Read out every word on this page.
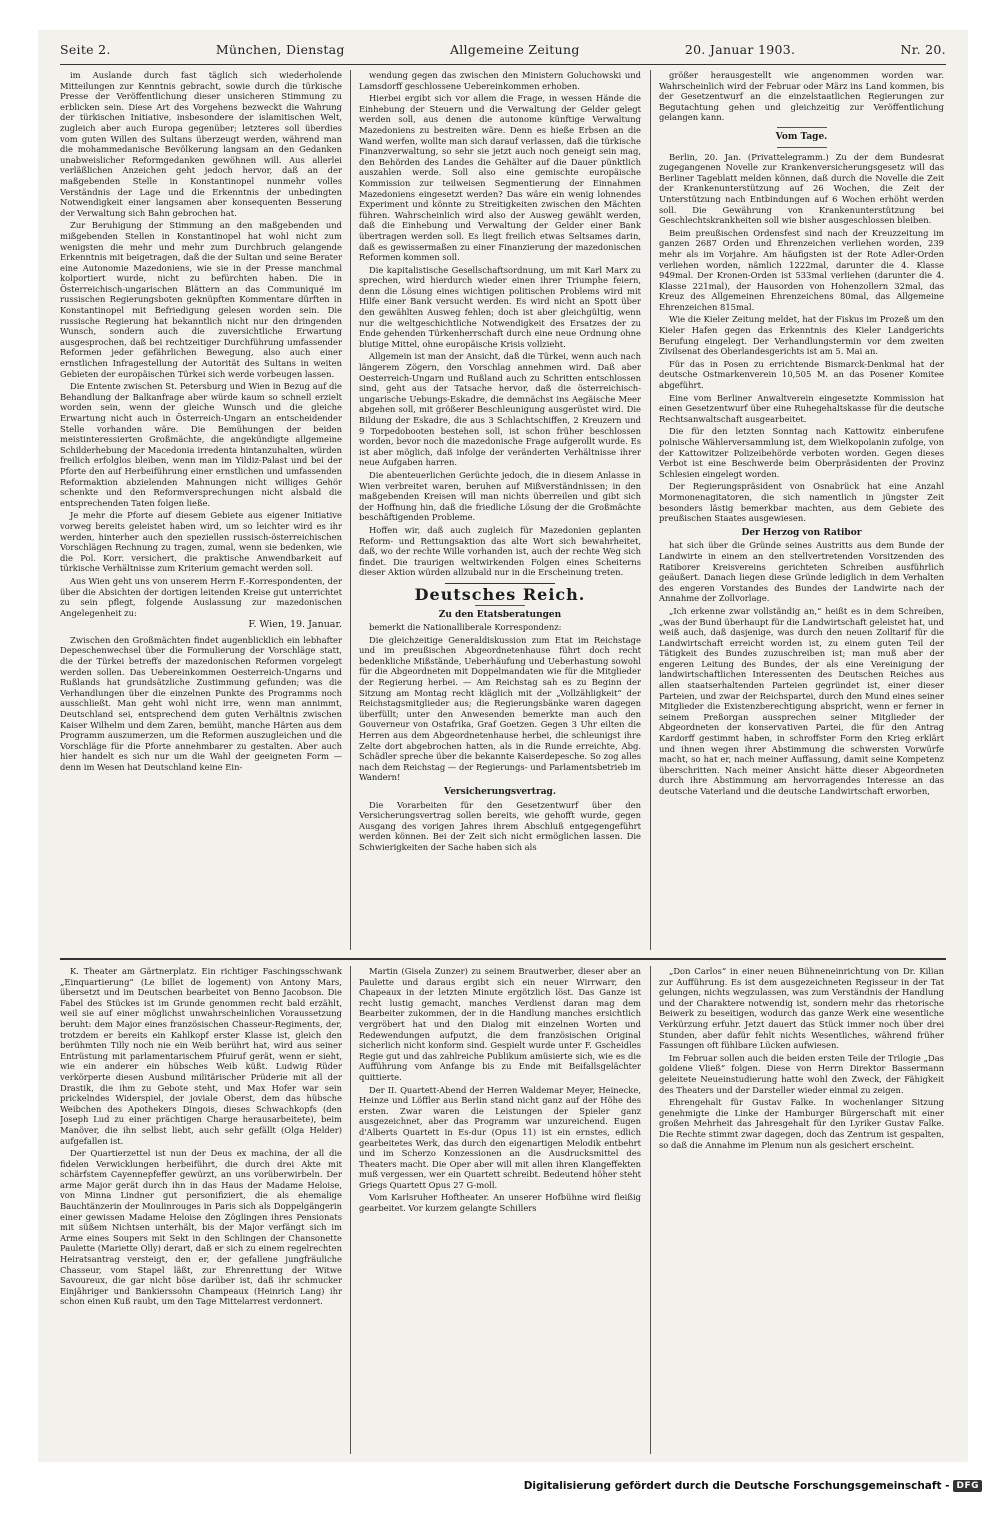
Seite 2.	München, Dienstag	Allgemeine Zeitung	20. Januar 1903.	Nr. 20.

im Auslande durch fast täglich sich wiederholende Mitteilungen zur Kenntnis gebracht, sowie durch die türkische Presse der Veröffentlichung dieser unsicheren Stimmung zu erblicken sein. Diese Art des Vorgehens bezweckt die Wahrung der türkischen Initiative, insbesondere der islamitischen Welt, zugleich aber auch Europa gegenüber; letzteres soll überdies vom guten Willen des Sultans überzeugt werden, während man die mohammedanische Bevölkerung langsam an den Gedanken unabweislicher Reformgedanken gewöhnen will. Aus allerlei verläßlichen Anzeichen geht jedoch hervor, daß an der maßgebenden Stelle in Konstantinopel nunmehr volles Verständnis der Lage und die Erkenntnis der unbedingten Notwendigkeit einer langsamen aber konsequenten Besserung der Verwaltung sich Bahn gebrochen hat.

Zur Beruhigung der Stimmung an den maßgebenden und mißgebenden Stellen in Konstantinopel hat wohl nicht zum wenigsten die mehr und mehr zum Durchbruch gelangende Erkenntnis mit beigetragen, daß die der Sultan und seine Berater eine Autonomie Mazedoniens, wie sie in der Presse manchmal kolportiert wurde, nicht zu befürchten haben. Die in Österreichisch-ungarischen Blättern an das Communiqué im russischen Regierungsboten geknüpften Kommentare dürften in Konstantinopel mit Befriedigung gelesen worden sein. Die russische Regierung hat bekanntlich nicht nur den dringenden Wunsch, sondern auch die zuversichtliche Erwartung ausgesprochen, daß bei rechtzeitiger Durchführung umfassender Reformen jeder gefährlichen Bewegung, also auch einer ernstlichen Infragestellung der Autorität des Sultans in weiten Gebieten der europäischen Türkei sich werde vorbeugen lassen.

Die Entente zwischen St. Petersburg und Wien in Bezug auf die Behandlung der Balkanfrage aber würde kaum so schnell erzielt worden sein, wenn der gleiche Wunsch und die gleiche Erwartung nicht auch in Österreich-Ungarn an entscheidender Stelle vorhanden wäre. Die Bemühungen der beiden meistinteressierten Großmächte, die angekündigte allgemeine Schilderhebung der Macedonia irredenta hintanzuhalten, würden freilich erfolglos bleiben, wenn man im Yildiz-Palast und bei der Pforte den auf Herbeiführung einer ernstlichen und umfassenden Reformaktion abzielenden Mahnungen nicht williges Gehör schenkte und den Reformversprechungen nicht alsbald die entsprechenden Taten folgen ließe.

Je mehr die Pforte auf diesem Gebiete aus eigener Initiative vorweg bereits geleistet haben wird, um so leichter wird es ihr werden, hinterher auch den speziellen russisch-österreichischen Vorschlägen Rechnung zu tragen, zumal, wenn sie bedenken, wie die Pol. Korr. versichert, die praktische Anwendbarkeit auf türkische Verhältnisse zum Kriterium gemacht werden soll.

Aus Wien geht uns von unserem Herrn F.-Korrespondenten, der über die Absichten der dortigen leitenden Kreise gut unterrichtet zu sein pflegt, folgende Auslassung zur mazedonischen Angelegenheit zu:

F. Wien, 19. Januar.

Zwischen den Großmächten findet augenblicklich ein lebhafter Depeschenwechsel über die Formulierung der Vorschläge statt, die der Türkei betreffs der mazedonischen Reformen vorgelegt werden sollen. Das Uebereinkommen Oesterreich-Ungarns und Rußlands hat grundsätzliche Zustimmung gefunden; was die Verhandlungen über die einzelnen Punkte des Programms noch ausschließt. Man geht wohl nicht irre, wenn man annimmt, Deutschland sei, entsprechend dem guten Verhältnis zwischen Kaiser Wilhelm und dem Zaren, bemüht, manche Härten aus dem Programm auszumerzen, um die Reformen auszugleichen und die Vorschläge für die Pforte annehmbarer zu gestalten. Aber auch hier handelt es sich nur um die Wahl der geeigneten Form — denn im Wesen hat Deutschland keine Ein-

wendung gegen das zwischen den Ministern Goluchowski und Lamsdorff geschlossene Uebereinkommen erhoben.

Hierbei ergibt sich vor allem die Frage, in wessen Hände die Einhebung der Steuern und die Verwaltung der Gelder gelegt werden soll, aus denen die autonome künftige Verwaltung Mazedoniens zu bestreiten wäre. Denn es hieße Erbsen an die Wand werfen, wollte man sich darauf verlassen, daß die türkische Finanzverwaltung, so sehr sie jetzt auch noch geneigt sein mag, den Behörden des Landes die Gehälter auf die Dauer pünktlich auszahlen werde. Soll also eine gemischte europäische Kommission zur teilweisen Segmentierung der Einnahmen Mazedoniens eingesetzt werden? Das wäre ein wenig lohnendes Experiment und könnte zu Streitigkeiten zwischen den Mächten führen. Wahrscheinlich wird also der Ausweg gewählt werden, daß die Einhebung und Verwaltung der Gelder einer Bank übertragen werden soll. Es liegt freilich etwas Seltsames darin, daß es gewissermaßen zu einer Finanzierung der mazedonischen Reformen kommen soll.

Die kapitalistische Gesellschaftsordnung, um mit Karl Marx zu sprechen, wird hierdurch wieder einen ihrer Triumphe feiern, denn die Lösung eines wichtigen politischen Problems wird mit Hilfe einer Bank versucht werden. Es wird nicht an Spott über den gewählten Ausweg fehlen; doch ist aber gleichgültig, wenn nur die weltgeschichtliche Notwendigkeit des Ersatzes der zu Ende gehenden Türkenherrschaft durch eine neue Ordnung ohne blutige Mittel, ohne europäische Krisis vollzieht.

Allgemein ist man der Ansicht, daß die Türkei, wenn auch nach längerem Zögern, den Vorschlag annehmen wird. Daß aber Oesterreich-Ungarn und Rußland auch zu Schritten entschlossen sind, geht aus der Tatsache hervor, daß die österreichisch-ungarische Uebungs-Eskadre, die demnächst ins Aegäische Meer abgehen soll, mit größerer Beschleunigung ausgerüstet wird. Die Bildung der Eskadre, die aus 3 Schlachtschiffen, 2 Kreuzern und 9 Torpedobooten bestehen soll, ist schon früher beschlossen worden, bevor noch die mazedonische Frage aufgerollt wurde. Es ist aber möglich, daß infolge der veränderten Verhältnisse ihrer neue Aufgaben harren.

Die abenteuerlichen Gerüchte jedoch, die in diesem Anlasse in Wien verbreitet waren, beruhen auf Mißverständnissen; in den maßgebenden Kreisen will man nichts überreilen und gibt sich der Hoffnung hin, daß die friedliche Lösung der die Großmächte beschäftigenden Probleme.

Hoffen wir, daß auch zugleich für Mazedonien geplanten Reform- und Rettungsaktion das alte Wort sich bewahrheitet, daß, wo der rechte Wille vorhanden ist, auch der rechte Weg sich findet. Die traurigen weltwirkenden Folgen eines Scheiterns dieser Aktion würden allzubald nur in die Erscheinung treten.

Deutsches Reich.
Zu den Etatsberatungen

bemerkt die Nationalliberale Korrespondenz:

Die gleichzeitige Generaldiskussion zum Etat im Reichstage und im preußischen Abgeordnetenhause führt doch recht bedenkliche Mißstände, Ueberhäufung und Ueberhastung sowohl für die Abgeordneten mit Doppelmandaten wie für die Mitglieder der Regierung herbei. — Am Reichstag sah es zu Beginn der Sitzung am Montag recht kläglich mit der „Vollzähligkeit“ der Reichstagsmitglieder aus; die Regierungsbänke waren dagegen überfüllt; unter den Anwesenden bemerkte man auch den Gouverneur von Ostafrika, Graf Goetzen. Gegen 3 Uhr eilten die Herren aus dem Abgeordnetenhause herbei, die schleunigst ihre Zelte dort abgebrochen hatten, als in die Runde erreichte, Abg. Schädler spreche über die bekannte Kaiserdepesche. So zog alles nach dem Reichstag — der Regierungs- und Parlamentsbetrieb im Wandern!

Versicherungsvertrag.

Die Vorarbeiten für den Gesetzentwurf über den Versicherungsvertrag sollen bereits, wie gehofft wurde, gegen Ausgang des vorigen Jahres ihrem Abschluß entgegengeführt werden können. Bei der Zeit sich nicht ermöglichen lassen. Die Schwierigkeiten der Sache haben sich als

größer herausgestellt wie angenommen worden war. Wahrscheinlich wird der Februar oder März ins Land kommen, bis der Gesetzentwurf an die einzelstaatlichen Regierungen zur Begutachtung gehen und gleichzeitig zur Veröffentlichung gelangen kann.

Vom Tage.

Berlin, 20. Jan. (Privattelegramm.) Zu der dem Bundesrat zugegangenen Novelle zur Krankenversicherungsgesetz will das Berliner Tageblatt melden können, daß durch die Novelle die Zeit der Krankenunterstützung auf 26 Wochen, die Zeit der Unterstützung nach Entbindungen auf 6 Wochen erhöht werden soll. Die Gewährung von Krankenunterstützung bei Geschlechtskrankheiten soll wie bisher ausgeschlossen bleiben.

Beim preußischen Ordensfest sind nach der Kreuzzeitung im ganzen 2687 Orden und Ehrenzeichen verliehen worden, 239 mehr als im Vorjahre. Am häufigsten ist der Rote Adler-Orden verliehen worden, nämlich 1222mal, darunter die 4. Klasse 949mal. Der Kronen-Orden ist 533mal verliehen (darunter die 4. Klasse 221mal), der Hausorden von Hohenzollern 32mal, das Kreuz des Allgemeinen Ehrenzeichens 80mal, das Allgemeine Ehrenzeichen 815mal.

Wie die Kieler Zeitung meldet, hat der Fiskus im Prozeß um den Kieler Hafen gegen das Erkenntnis des Kieler Landgerichts Berufung eingelegt. Der Verhandlungstermin vor dem zweiten Zivilsenat des Oberlandesgerichts ist am 5. Mai an.

Für das in Posen zu errichtende Bismarck-Denkmal hat der deutsche Ostmarkenverein 10,505 M. an das Posener Komitee abgeführt.

Eine vom Berliner Anwaltverein eingesetzte Kommission hat einen Gesetzentwurf über eine Ruhegehaltskasse für die deutsche Rechtsanwaltschaft ausgearbeitet.

Die für den letzten Sonntag nach Kattowitz einberufene polnische Wählerversammlung ist, dem Wielkopolanin zufolge, von der Kattowitzer Polizeibehörde verboten worden. Gegen dieses Verbot ist eine Beschwerde beim Oberpräsidenten der Provinz Schlesien eingelegt worden.

Der Regierungspräsident von Osnabrück hat eine Anzahl Mormonenagitatoren, die sich namentlich in jüngster Zeit besonders lästig bemerkbar machten, aus dem Gebiete des preußischen Staates ausgewiesen.

Der Herzog von Ratibor

hat sich über die Gründe seines Austritts aus dem Bunde der Landwirte in einem an den stellvertretenden Vorsitzenden des Ratiborer Kreisvereins gerichteten Schreiben ausführlich geäußert. Danach liegen diese Gründe lediglich in dem Verhalten des engeren Vorstandes des Bundes der Landwirte nach der Annahme der Zollvorlage.

„Ich erkenne zwar vollständig an,“ heißt es in dem Schreiben, „was der Bund überhaupt für die Landwirtschaft geleistet hat, und weiß auch, daß dasjenige, was durch den neuen Zolltarif für die Landwirtschaft erreicht worden ist, zu einem guten Teil der Tätigkeit des Bundes zuzuschreiben ist; man muß aber der engeren Leitung des Bundes, der als eine Vereinigung der landwirtschaftlichen Interessenten des Deutschen Reiches aus allen staatserhaltenden Parteien gegründet ist, einer dieser Parteien, und zwar der Reichspartei, durch den Mund eines seiner Mitglieder die Existenzberechtigung abspricht, wenn er ferner in seinem Preßorgan aussprechen seiner Mitglieder der Abgeordneten der konservativen Partei, die für den Antrag Kardorff gestimmt haben, in schroffster Form den Krieg erklärt und ihnen wegen ihrer Abstimmung die schwersten Vorwürfe macht, so hat er, nach meiner Auffassung, damit seine Kompetenz überschritten. Nach meiner Ansicht hätte dieser Abgeordneten durch ihre Abstimmung am hervorragendes Interesse an das deutsche Vaterland und die deutsche Landwirtschaft erworben,

K. Theater am Gärtnerplatz. Ein richtiger Faschingsschwank „Einquartierung“ (Le billet de logement) von Antony Mars, übersetzt und im Deutschen bearbeitet von Benno Jacobson. Die Fabel des Stückes ist im Grunde genommen recht bald erzählt, weil sie auf einer möglichst unwahrscheinlichen Voraussetzung beruht: dem Major eines französischen Chasseur-Regiments, der, trotzdem er bereits ein Kahlkopf erster Klasse ist, gleich den berühmten Tilly noch nie ein Weib berührt hat, wird aus seiner Entrüstung mit parlamentarischem Pfuiruf gerät, wenn er sieht, wie ein anderer ein hübsches Weib küßt. Ludwig Rüder verkörperte diesen Ausbund militärischer Prüderie mit all der Drastik, die ihm zu Gebote steht, und Max Hofer war sein prickelndes Widerspiel, der joviale Oberst, dem das hübsche Weibchen des Apothekers Dingois, dieses Schwachkopfs (den Joseph Lud zu einer prächtigen Charge herausarbeitete), beim Manöver, die ihn selbst liebt, auch sehr gefällt (Olga Helder) aufgefallen ist.

Der Quartierzettel ist nun der Deus ex machina, der all die fidelen Verwicklungen herbeiführt, die durch drei Akte mit schärfstem Cayennepfeffer gewürzt, an uns vorüberwirbeln. Der arme Major gerät durch ihn in das Haus der Madame Heloise, von Minna Lindner gut personifiziert, die als ehemalige Bauchtänzerin der Moulinrouges in Paris sich als Doppelgängerin einer gewissen Madame Heloise den Zöglingen ihres Pensionats mit süßem Nichtsen unterhält, bis der Major verfängt sich im Arme eines Soupers mit Sekt in den Schlingen der Chansonette Paulette (Mariette Olly) derart, daß er sich zu einem regelrechten Heiratsantrag versteigt, den er, der gefallene jungfräuliche Chasseur, vom Stapel läßt, zur Ehrenrettung der Witwe Savoureux, die gar nicht böse darüber ist, daß ihr schmucker Einjähriger und Bankierssohn Champeaux (Heinrich Lang) ihr schon einen Kuß raubt, um den Tage Mittelarrest verdonnert.

Martin (Gisela Zunzer) zu seinem Brautwerber, dieser aber an Paulette und daraus ergibt sich ein neuer Wirrwarr, den Chapeaux in der letzten Minute ergötzlich löst. Das Ganze ist recht lustig gemacht, manches Verdienst daran mag dem Bearbeiter zukommen, der in die Handlung manches ersichtlich vergröbert hat und den Dialog mit einzelnen Worten und Redewendungen aufputzt, die dem französischen Original sicherlich nicht konform sind. Gespielt wurde unter F. Gscheidles Regie gut und das zahlreiche Publikum amüsierte sich, wie es die Aufführung vom Anfange bis zu Ende mit Beifallsgelächter quittierte.

Der II. Quartett-Abend der Herren Waldemar Meyer, Heinecke, Heinze und Löffler aus Berlin stand nicht ganz auf der Höhe des ersten. Zwar waren die Leistungen der Spieler ganz ausgezeichnet, aber das Programm war unzureichend. Eugen d'Alberts Quartett in Es-dur (Opus 11) ist ein ernstes, edlich gearbeitetes Werk, das durch den eigenartigen Melodik entbehrt und im Scherzo Konzessionen an die Ausdrucksmittel des Theaters macht. Die Oper aber will mit allen ihren Klangeffekten muß vergessen, wer ein Quartett schreibt. Bedeutend höher steht Griegs Quartett Opus 27 G-moll.

Vom Karlsruher Hoftheater. An unserer Hofbühne wird fleißig gearbeitet. Vor kurzem gelangte Schillers

„Don Carlos“ in einer neuen Bühneneinrichtung von Dr. Kilian zur Aufführung. Es ist dem ausgezeichneten Regisseur in der Tat gelungen, nichts wegzulassen, was zum Verständnis der Handlung und der Charaktere notwendig ist, sondern mehr das rhetorische Beiwerk zu beseitigen, wodurch das ganze Werk eine wesentliche Verkürzung erfuhr. Jetzt dauert das Stück immer noch über drei Stunden, aber dafür fehlt nichts Wesentliches, während früher Fassungen oft fühlbare Lücken aufwiesen.

Im Februar sollen auch die beiden ersten Teile der Trilogie „Das goldene Vließ“ folgen. Diese von Herrn Direktor Bassermann geleitete Neueinstudierung hatte wohl den Zweck, der Fähigkeit des Theaters und der Darsteller wieder einmal zu zeigen.

Ehrengehalt für Gustav Falke. In wochenlanger Sitzung genehmigte die Linke der Hamburger Bürgerschaft mit einer großen Mehrheit das Jahresgehalt für den Lyriker Gustav Falke. Die Rechte stimmt zwar dagegen, doch das Zentrum ist gespalten, so daß die Annahme im Plenum nun als gesichert erscheint.

Digitalisierung gefördert durch die Deutsche Forschungsgemeinschaft - DFG
